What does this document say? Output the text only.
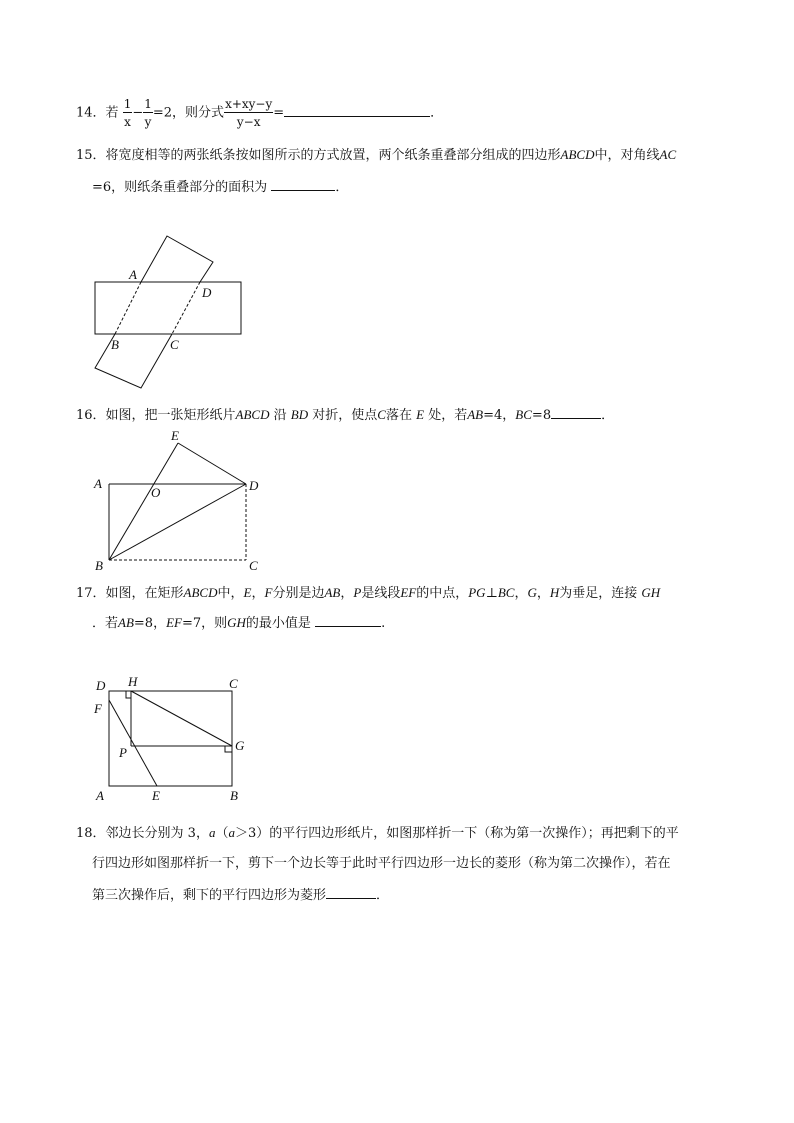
14．若 $\frac{1}{x} - \frac{1}{y} =2$，则分式 $\frac{x+xy-y}{y-x}$ =	．
15．将宽度相等的两张纸条按如图所示的方式放置，两个纸条重叠部分组成的四边形ABCD中，对角线AC
=6，则纸条重叠部分的面积为	．
A
D
B	C
E
A
O	D
B	C
D H	C
F
P	G
A	E	B
16．如图，把一张矩形纸片ABCD 沿 BD 对折，使点C落在 E 处，若AB=4，BC=8	．
17．如图，在矩形ABCD中，E，F分别是边AB，P是线段EF的中点，PG⊥BC，G，H为垂足，连接 GH
．若AB=8，EF=7，则GH的最小值是	.
18．邻边长分别为 3，a（a＞3）的平行四边形纸片，如图那样折一下（称为第一次操作）；再把剩下的平
行四边形如图那样折一下，剪下一个边长等于此时平行四边形一边长的菱形（称为第二次操作），若在
第三次操作后，剩下的平行四边形为菱形	．
